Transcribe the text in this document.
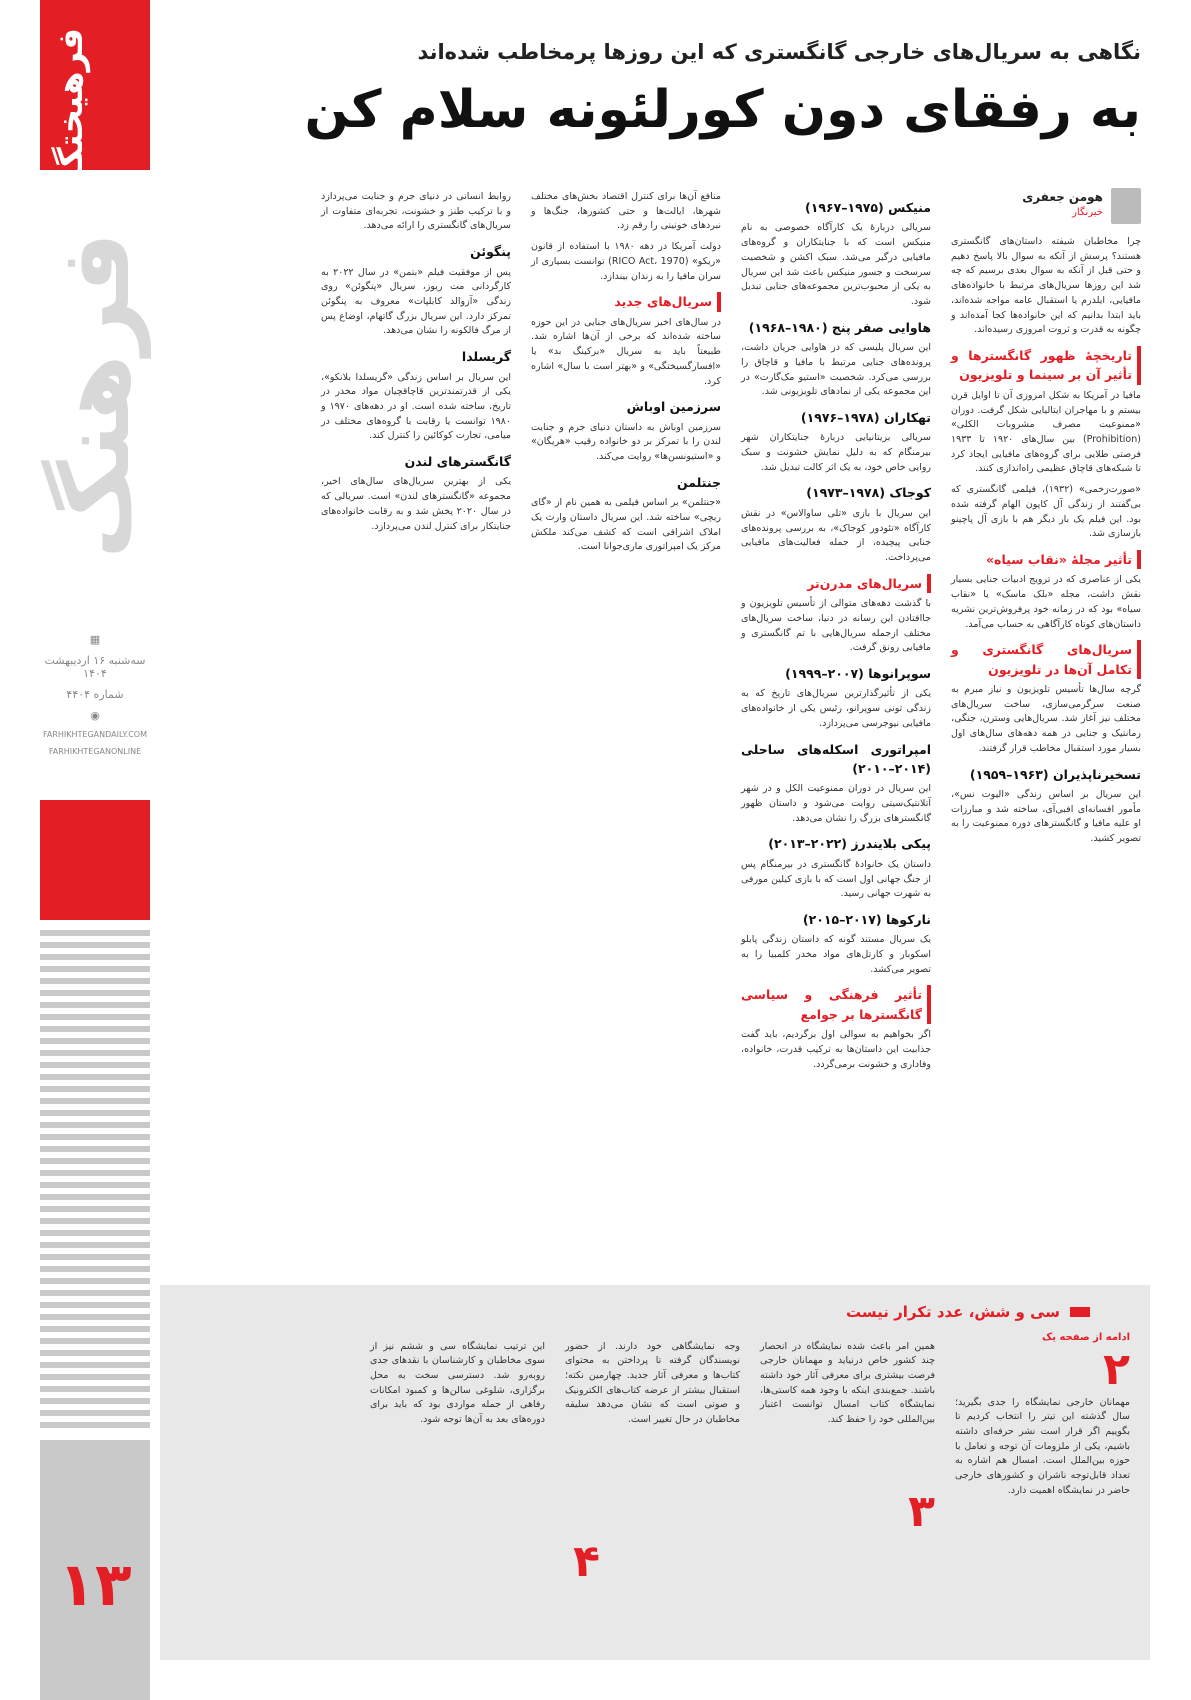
فرهیختگان
فرهنگ
▦
سه‌شنبه ۱۶ اردیبهشت ۱۴۰۴
شماره ۴۴۰۴
◉
FARHIKHTEGANDAILY.COM
FARHIKHTEGANONLINE
۱۳
نگاهی به سریال‌های خارجی گانگستری که این روزها پرمخاطب شده‌اند
به رفقای دون کورلئونه سلام کن
هومن جعفری
خبرنگار

چرا مخاطبان شیفته داستان‌های گانگستری هستند؟ پرسش از آنکه به سوال بالا پاسخ دهیم و حتی قبل از آنکه به سوال بعدی برسیم که چه شد این روزها سریال‌های مرتبط با خانواده‌های مافیایی، ایلدرم یا استقبال عامه مواجه شده‌اند، باید ابتدا بدانیم که این خانواده‌ها کجا آمده‌اند و چگونه به قدرت و ثروت امروزی رسیده‌اند.

تاریخچهٔ ظهور گانگسترها و تأثیر آن بر سینما و تلویزیون

مافیا در آمریکا به شکل امروزی آن تا اوایل قرن بیستم و با مهاجران ایتالیایی شکل گرفت. دوران «ممنوعیت مصرف مشروبات الکلی» (Prohibition) بین سال‌های ۱۹۲۰ تا ۱۹۳۳ فرصتی طلایی برای گروه‌های مافیایی ایجاد کرد تا شبکه‌های قاچاق عظیمی راه‌اندازی کنند.

«صورت‌زخمی» (۱۹۳۲)، فیلمی گانگستری که بی‌گفتند از زندگی آل کاپون الهام گرفته شده بود. این فیلم یک بار دیگر هم با بازی آل پاچینو بازسازی شد.

تأثیر مجلهٔ «نقاب سیاه»

یکی از عناصری که در ترویج ادبیات جنایی بسیار نقش داشت، مجله «بلک ماسک» یا «نقاب سیاه» بود که در زمانه خود پرفروش‌ترین نشریه داستان‌های کوتاه کارآگاهی به حساب می‌آمد.

سریال‌های گانگستری و تکامل آن‌ها در تلویزیون

گرچه سال‌ها تأسیس تلویزیون و نیاز مبرم به صنعت سرگرمی‌سازی، ساخت سریال‌های مختلف نیز آغاز شد. سریال‌هایی وسترن، جنگی، رمانتیک و جنایی در همه دهه‌های سال‌های اول بسیار مورد استقبال مخاطب قرار گرفتند.

تسخیرناپذیران (۱۹۶۳–۱۹۵۹)

این سریال بر اساس زندگی «الیوت نس»، مأمور افسانه‌ای افبی‌آی، ساخته شد و مبارزات او علیه مافیا و گانگسترهای دوره ممنوعیت را به تصویر کشید.

منیکس (۱۹۷۵–۱۹۶۷)

سریالی دربارهٔ یک کارآگاه خصوصی به نام منیکس است که با جنایتکاران و گروه‌های مافیایی درگیر می‌شد. سبک اکشن و شخصیت سرسخت و جسور منیکس باعث شد این سریال به یکی از محبوب‌ترین مجموعه‌های جنایی تبدیل شود.

هاوایی صفر پنج (۱۹۸۰–۱۹۶۸)

این سریال پلیسی که در هاوایی جریان داشت، پرونده‌های جنایی مرتبط با مافیا و قاچاق را بررسی می‌کرد. شخصیت «استیو مک‌گارت» در این مجموعه یکی از نمادهای تلویزیونی شد.

تهکاران (۱۹۷۸–۱۹۷۶)

سریالی بریتانیایی دربارهٔ جنایتکاران شهر بیرمنگام که به دلیل نمایش خشونت و سبک روایی خاص خود، به یک اثر کالت تبدیل شد.

کوجاک (۱۹۷۸–۱۹۷۳)

این سریال با بازی «تلی ساوالاس» در نقش کارآگاه «تئودور کوجاک»، به بررسی پرونده‌های جنایی پیچیده، از جمله فعالیت‌های مافیایی می‌پرداخت.

سریال‌های مدرن‌تر

با گذشت دهه‌های متوالی از تأسیس تلویزیون و جاافتادن این رسانه در دنیا، ساخت سریال‌های مختلف ازجمله سریال‌هایی با تم گانگستری و مافیایی رونق گرفت.

سوپرانوها (۲۰۰۷–۱۹۹۹)

یکی از تأثیرگذارترین سریال‌های تاریخ که به زندگی تونی سوپرانو، رئیس یکی از خانواده‌های مافیایی نیوجرسی می‌پردازد.

امپراتوری اسکله‌های ساحلی (۲۰۱۴–۲۰۱۰)

این سریال در دوران ممنوعیت الکل و در شهر آتلانتیک‌سیتی روایت می‌شود و داستان ظهور گانگسترهای بزرگ را نشان می‌دهد.

پیکی بلایندرز (۲۰۲۲–۲۰۱۳)

داستان یک خانوادهٔ گانگستری در بیرمنگام پس از جنگ جهانی اول است که با بازی کیلین مورفی به شهرت جهانی رسید.

نارکوها (۲۰۱۷–۲۰۱۵)

یک سریال مستند گونه که داستان زندگی پابلو اسکوبار و کارتل‌های مواد مخدر کلمبیا را به تصویر می‌کشد.

تأثیر فرهنگی و سیاسی گانگسترها بر جوامع

اگر بخواهیم به سوالی اول برگردیم، باید گفت جذابیت این داستان‌ها به ترکیب قدرت، خانواده، وفاداری و خشونت برمی‌گردد.

منافع آن‌ها برای کنترل اقتصاد بخش‌های مختلف شهرها، ایالت‌ها و حتی کشورها، جنگ‌ها و نبردهای خونینی را رقم زد.

دولت آمریکا در دهه ۱۹۸۰ با استفاده از قانون «ریکو» (RICO Act، 1970) توانست بسیاری از سران مافیا را به زندان بیندازد.

سریال‌های جدید

در سال‌های اخیر سریال‌های جنایی در این حوزه ساخته شده‌اند که برخی از آن‌ها اشاره شد. طبیعتاً باید به سریال «برکینگ بد» یا «افسارگسیختگی» و «بهتر است با سال» اشاره کرد.

سرزمین اوباش

سرزمین اوباش به داستان دنیای جرم و جنایت لندن را با تمرکز بر دو خانواده رقیب «هریگان» و «استیونسن‌ها» روایت می‌کند.

جنتلمن

«جنتلمن» بر اساس فیلمی به همین نام از «گای ریچی» ساخته شد. این سریال داستان وارث یک املاک اشرافی است که کشف می‌کند ملکش مرکز یک امپراتوری ماری‌جوانا است.

روابط انسانی در دنیای جرم و جنایت می‌پردازد و با ترکیب طنز و خشونت، تجربه‌ای متفاوت از سریال‌های گانگستری را ارائه می‌دهد.

پنگوئن

پس از موفقیت فیلم «بتمن» در سال ۲۰۲۲ به کارگردانی مت ریوز، سریال «پنگوئن» روی زندگی «آزوالد کابلپات» معروف به پنگوئن تمرکز دارد. این سریال بزرگ گاتهام، اوضاع پس از مرگ فالکونه را نشان می‌دهد.

گریسلدا

این سریال بر اساس زندگی «گریسلدا بلانکو»، یکی از قدرتمندترین قاچاقچیان مواد مخدر در تاریخ، ساخته شده است. او در دهه‌های ۱۹۷۰ و ۱۹۸۰ توانست یا رقابت با گروه‌های مختلف در میامی، تجارت کوکائین را کنترل کند.

گانگسترهای لندن

یکی از بهترین سریال‌های سال‌های اخیر، مجموعه «گانگسترهای لندن» است. سریالی که در سال ۲۰۲۰ پخش شد و به رقابت خانواده‌های جنایتکار برای کنترل لندن می‌پردازد.

سی و شش، عدد تکرار نیست
ادامه از صفحه یک
۲

مهمانان خارجی نمایشگاه را جدی بگیرید؛ سال گذشته این تیتر را انتخاب کردیم تا بگوییم اگر قرار است نشر حرفه‌ای داشته باشیم، یکی از ملزومات آن توجه و تعامل با حوزه بین‌الملل است. امسال هم اشاره به تعداد قابل‌توجه ناشران و کشورهای خارجی حاضر در نمایشگاه اهمیت دارد.

همین امر باعث شده نمایشگاه در انحصار چند کشور خاص درنیاید و مهمانان خارجی فرصت بیشتری برای معرفی آثار خود داشته باشند. جمع‌بندی اینکه با وجود همه کاستی‌ها، نمایشگاه کتاب امسال توانست اعتبار بین‌المللی خود را حفظ کند.

۳

وجه نمایشگاهی خود دارند. از حضور نویسندگان گرفته تا پرداختن به محتوای کتاب‌ها و معرفی آثار جدید. چهارمین نکته؛ استقبال بیشتر از عرضه کتاب‌های الکترونیک و صوتی است که نشان می‌دهد سلیقه مخاطبان در حال تغییر است.

۴

این ترتیب نمایشگاه سی و ششم نیز از سوی مخاطبان و کارشناسان با نقدهای جدی روبه‌رو شد. دسترسی سخت به محل برگزاری، شلوغی سالن‌ها و کمبود امکانات رفاهی از جمله مواردی بود که باید برای دوره‌های بعد به آن‌ها توجه شود.
